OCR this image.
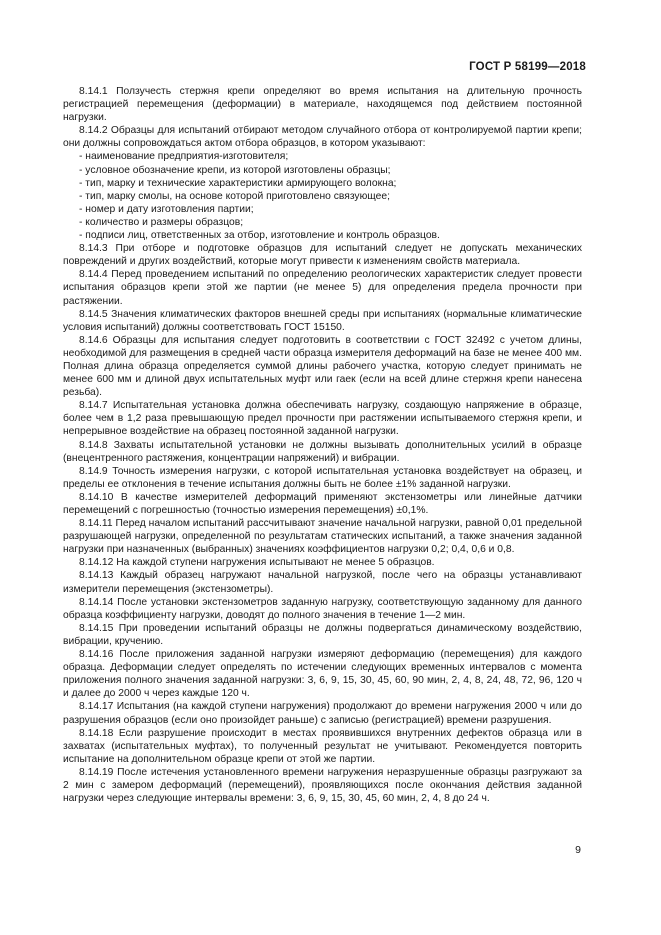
ГОСТ Р 58199—2018

8.14.1 Ползучесть стержня крепи определяют во время испытания на длительную прочность регистрацией перемещения (деформации) в материале, находящемся под действием постоянной нагрузки.

8.14.2 Образцы для испытаний отбирают методом случайного отбора от контролируемой партии крепи; они должны сопровождаться актом отбора образцов, в котором указывают:

- наименование предприятия-изготовителя;

- условное обозначение крепи, из которой изготовлены образцы;

- тип, марку и технические характеристики армирующего волокна;

- тип, марку смолы, на основе которой приготовлено связующее;

- номер и дату изготовления партии;

- количество и размеры образцов;

- подписи лиц, ответственных за отбор, изготовление и контроль образцов.

8.14.3 При отборе и подготовке образцов для испытаний следует не допускать механических повреждений и других воздействий, которые могут привести к изменениям свойств материала.

8.14.4 Перед проведением испытаний по определению реологических характеристик следует провести испытания образцов крепи этой же партии (не менее 5) для определения предела прочности при растяжении.

8.14.5 Значения климатических факторов внешней среды при испытаниях (нормальные климатические условия испытаний) должны соответствовать ГОСТ 15150.

8.14.6 Образцы для испытания следует подготовить в соответствии с ГОСТ 32492 с учетом длины, необходимой для размещения в средней части образца измерителя деформаций на базе не менее 400 мм. Полная длина образца определяется суммой длины рабочего участка, которую следует принимать не менее 600 мм и длиной двух испытательных муфт или гаек (если на всей длине стержня крепи нанесена резьба).

8.14.7 Испытательная установка должна обеспечивать нагрузку, создающую напряжение в образце, более чем в 1,2 раза превышающую предел прочности при растяжении испытываемого стержня крепи, и непрерывное воздействие на образец постоянной заданной нагрузки.

8.14.8 Захваты испытательной установки не должны вызывать дополнительных усилий в образце (внецентренного растяжения, концентрации напряжений) и вибрации.

8.14.9 Точность измерения нагрузки, с которой испытательная установка воздействует на образец, и пределы ее отклонения в течение испытания должны быть не более ±1% заданной нагрузки.

8.14.10 В качестве измерителей деформаций применяют экстензометры или линейные датчики перемещений с погрешностью (точностью измерения перемещения) ±0,1%.

8.14.11 Перед началом испытаний рассчитывают значение начальной нагрузки, равной 0,01 предельной разрушающей нагрузки, определенной по результатам статических испытаний, а также значения заданной нагрузки при назначенных (выбранных) значениях коэффициентов нагрузки 0,2; 0,4, 0,6 и 0,8.

8.14.12 На каждой ступени нагружения испытывают не менее 5 образцов.

8.14.13 Каждый образец нагружают начальной нагрузкой, после чего на образцы устанавливают измерители перемещения (экстензометры).

8.14.14 После установки экстензометров заданную нагрузку, соответствующую заданному для данного образца коэффициенту нагрузки, доводят до полного значения в течение 1—2 мин.

8.14.15 При проведении испытаний образцы не должны подвергаться динамическому воздействию, вибрации, кручению.

8.14.16 После приложения заданной нагрузки измеряют деформацию (перемещения) для каждого образца. Деформации следует определять по истечении следующих временных интервалов с момента приложения полного значения заданной нагрузки: 3, 6, 9, 15, 30, 45, 60, 90 мин, 2, 4, 8, 24, 48, 72, 96, 120 ч и далее до 2000 ч через каждые 120 ч.

8.14.17 Испытания (на каждой ступени нагружения) продолжают до времени нагружения 2000 ч или до разрушения образцов (если оно произойдет раньше) с записью (регистрацией) времени разрушения.

8.14.18 Если разрушение происходит в местах проявившихся внутренних дефектов образца или в захватах (испытательных муфтах), то полученный результат не учитывают. Рекомендуется повторить испытание на дополнительном образце крепи от этой же партии.

8.14.19 После истечения установленного времени нагружения неразрушенные образцы разгружают за 2 мин с замером деформаций (перемещений), проявляющихся после окончания действия заданной нагрузки через следующие интервалы времени: 3, 6, 9, 15, 30, 45, 60 мин, 2, 4, 8 до 24 ч.

9
